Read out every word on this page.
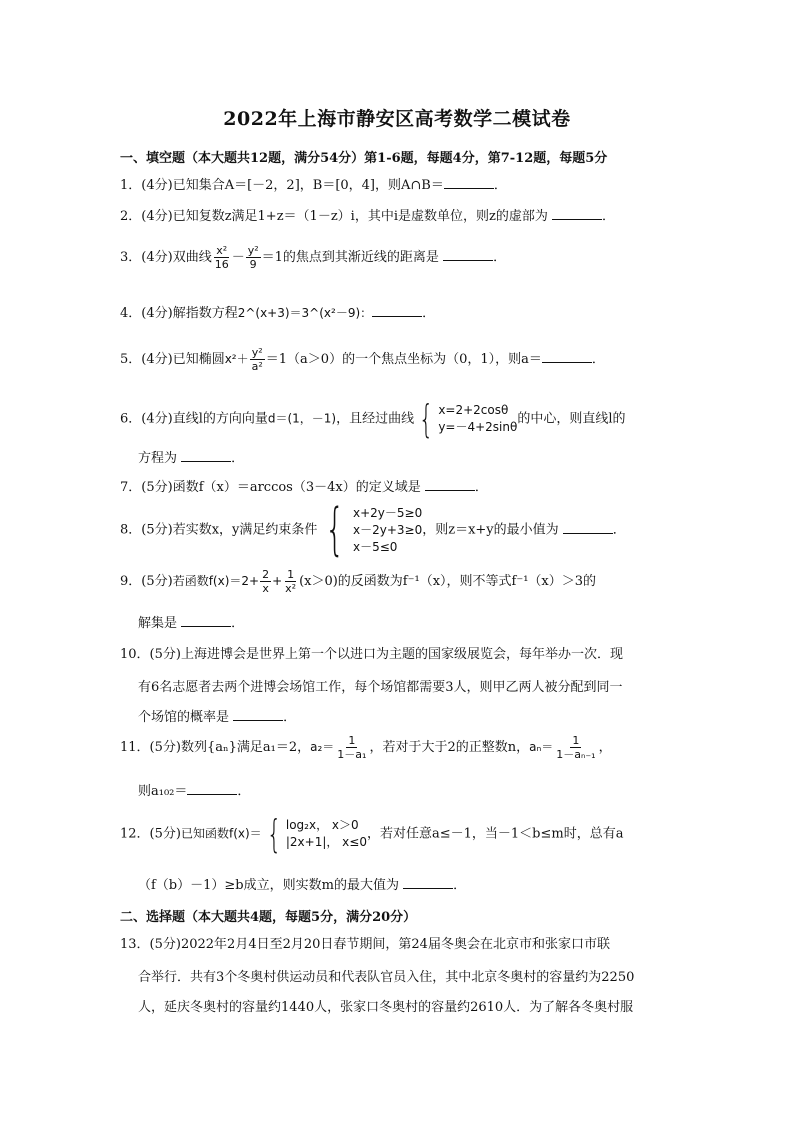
2022年上海市静安区高考数学二模试卷
一、填空题（本大题共12题，满分54分）第1-6题，每题4分，第7-12题，每题5分
1．(4分)已知集合A＝[－2，2]，B＝[0，4]，则A∩B＝	．
2．(4分)已知复数z满足1+z＝（1－z）i，其中i是虚数单位，则z的虚部为	．
3．(4分)双曲线 $\frac{\text{x²}}{16} - \frac{\text{y²}}{9} =1$的焦点到其渐近线的距离是	．
4．(4分)解指数方程2^(x+3)＝3^(x²－9)：	．
5．(4分)已知椭圆$x^2+ \frac{\text{y²}}{\text{a²}} =1(a>0)$的一个焦点坐标为（0，1），则a＝	．
6．(4分)直线l的方向向量d＝(1，－1)，且经过曲线 { x=2+2cosθ
y=－4+2sinθ
的中心，则直线l的
方程为	．
7．(5分)函数f（x）＝arccos（3－4x）的定义域是	．
8．(5分)若实数x，y满足约束条件 { x+2y－5≥0
x－2y+3≥0
x－5≤0
，则z＝x+y的最小值为	．
9．(5分)若函数$f(x)=2+ \frac{2}{x} + \frac{1}{\text{x²}} (x>0)$的反函数为f⁻¹（x），则不等式f⁻¹（x）＞3的
解集是	．
10．(5分)上海进博会是世界上第一个以进口为主题的国家级展览会，每年举办一次．现
有6名志愿者去两个进博会场馆工作，每个场馆都需要3人，则甲乙两人被分配到同一
个场馆的概率是	．
11．(5分)数列{aₙ}满足a₁＝2，$a_2= \frac{1}{\text{1－a₁}}$ ，若对于大于2的正整数n，$a_n= \frac{1}{\text{1－aₙ₋₁}}$ ，
则a₁₀₂＝	．
12．(5分)已知函数f(x)＝ { log₂x， x＞0
|2x+1|， x≤0
，若对任意a≤－1，当－1＜b≤m时，总有a
（f（b）－1）≥b成立，则实数m的最大值为	．
二、选择题（本大题共4题，每题5分，满分20分）
13．(5分)2022年2月4日至2月20日春节期间，第24届冬奥会在北京市和张家口市联
合举行．共有3个冬奥村供运动员和代表队官员入住，其中北京冬奥村的容量约为2250
人，延庆冬奥村的容量约1440人，张家口冬奥村的容量约2610人．为了解各冬奥村服
